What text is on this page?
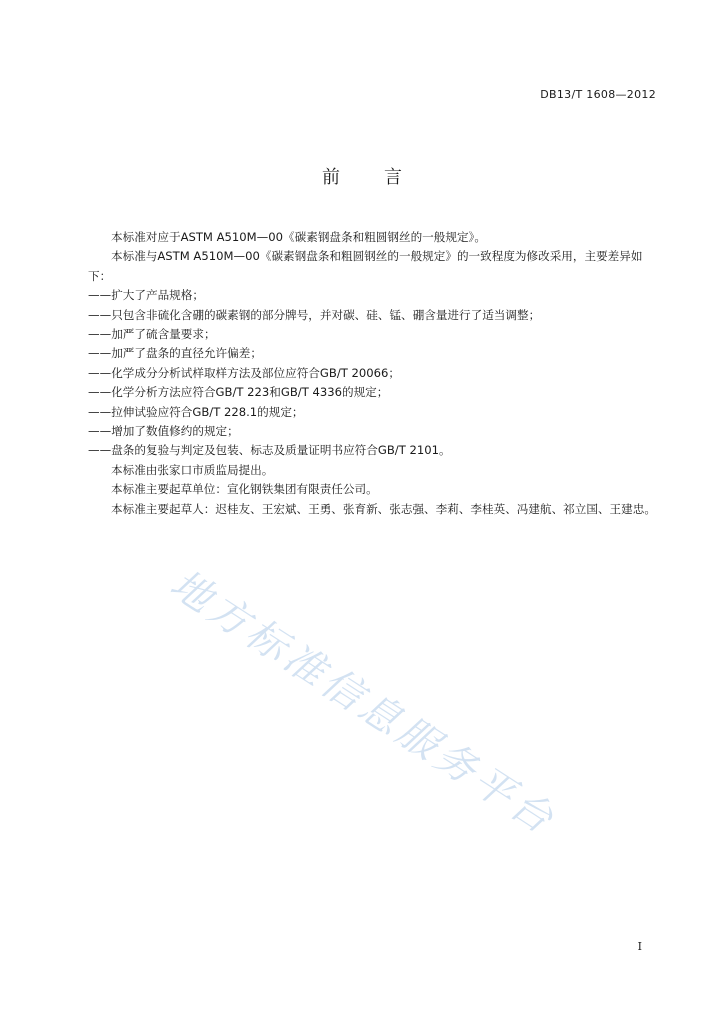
DB13/T 1608—2012
前言

本标准对应于ASTM A510M—00《碳素钢盘条和粗圆钢丝的一般规定》。

本标准与ASTM A510M—00《碳素钢盘条和粗圆钢丝的一般规定》的一致程度为修改采用，主要差异如下：

——扩大了产品规格；

——只包含非硫化含硼的碳素钢的部分牌号，并对碳、硅、锰、硼含量进行了适当调整；

——加严了硫含量要求；

——加严了盘条的直径允许偏差；

——化学成分分析试样取样方法及部位应符合GB/T 20066；

——化学分析方法应符合GB/T 223和GB/T 4336的规定；

——拉伸试验应符合GB/T 228.1的规定；

——增加了数值修约的规定；

——盘条的复验与判定及包装、标志及质量证明书应符合GB/T 2101。

本标准由张家口市质监局提出。

本标准主要起草单位：宣化钢铁集团有限责任公司。

本标准主要起草人：迟桂友、王宏斌、王勇、张育新、张志强、李莉、李桂英、冯建航、祁立国、王建忠。

地方标准信息服务平台
I
